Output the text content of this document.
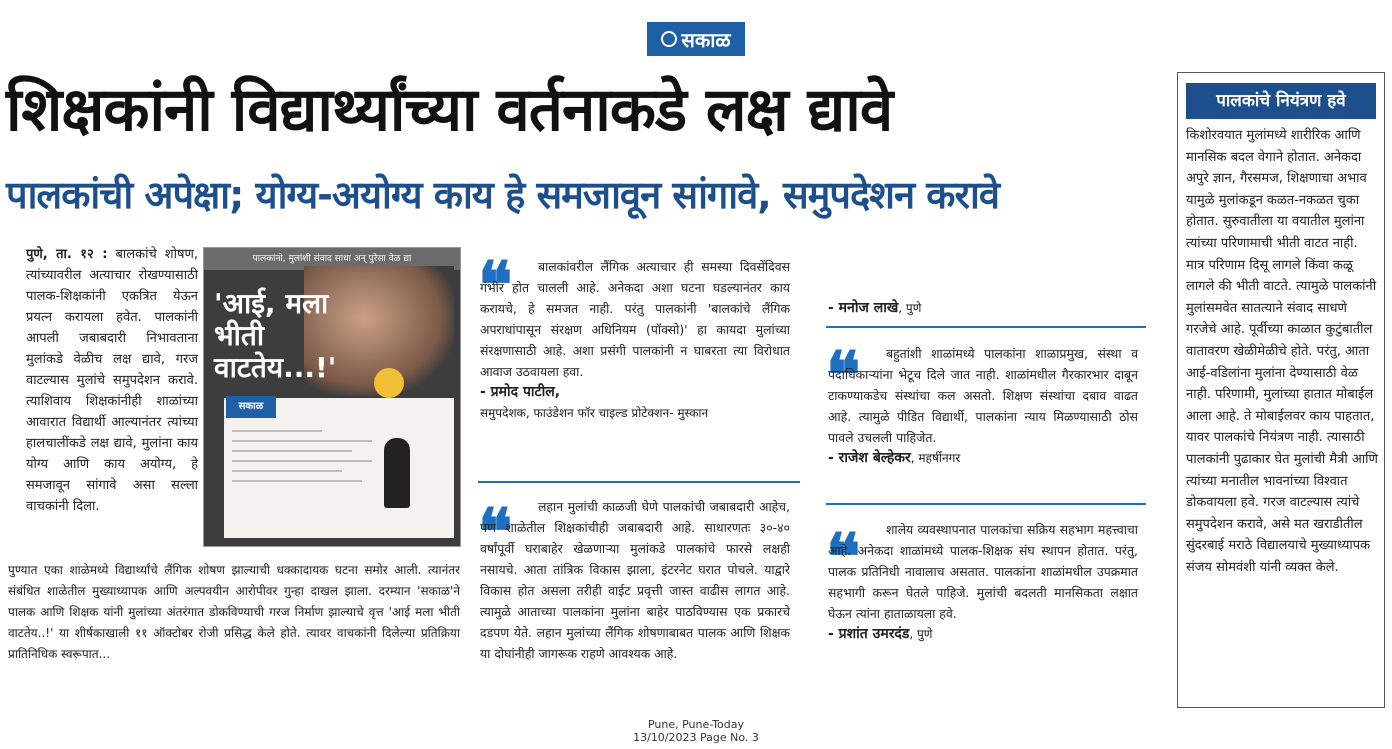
सकाळ
शिक्षकांनी विद्यार्थ्यांच्या वर्तनाकडे लक्ष द्यावे
पालकांची अपेक्षा; योग्य-अयोग्य काय हे समजावून सांगावे, समुपदेशन करावे

पुणे, ता. १२ : बालकांचे शोषण, त्यांच्यावरील अत्याचार रोखण्यासाठी पालक-शिक्षकांनी एकत्रित येऊन प्रयत्न करायला हवेत. पालकांनी आपली जबाबदारी निभावताना मुलांकडे वेळीच लक्ष द्यावे, गरज वाटल्यास मुलांचे समुपदेशन करावे. त्याशिवाय शिक्षकांनीही शाळांच्या आवारात विद्यार्थी आल्यानंतर त्यांच्या हालचालींकडे लक्ष द्यावे, मुलांना काय योग्य आणि काय अयोग्य, हे समजावून सांगावे असा सल्ला वाचकांनी दिला.

पालकांनो, मुलांशी संवाद साधा अन् पुरेसा वेळ द्या
'आई, मला भीती वाटतेय...!'
सकाळ

पुण्यात एका शाळेमध्ये विद्यार्थ्यांचे लैंगिक शोषण झाल्याची धक्कादायक घटना समोर आली. त्यानंतर संबंधित शाळेतील मुख्याध्यापक आणि अल्पवयीन आरोपीवर गुन्हा दाखल झाला. दरम्यान 'सकाळ'ने पालक आणि शिक्षक यांनी मुलांच्या अंतरंगात डोकविण्याची गरज निर्माण झाल्याचे वृत्त 'आई मला भीती वाटतेय..!' या शीर्षकाखाली ११ ऑक्टोबर रोजी प्रसिद्ध केले होते. त्यावर वाचकांनी दिलेल्या प्रतिक्रिया प्रातिनिधिक स्वरूपात...

❝	बालकांवरील लैंगिक अत्याचार ही समस्या दिवसेंदिवस गंभीर होत चालली आहे. अनेकदा अशा घटना घडल्यानंतर काय करायचे, हे समजत नाही. परंतु पालकांनी 'बालकांचे लैंगिक अपराधांपासून संरक्षण अधिनियम (पॉक्सो)' हा कायदा मुलांच्या संरक्षणासाठी आहे. अशा प्रसंगी पालकांनी न घाबरता त्या विरोधात आवाज उठवायला हवा.

- प्रमोद पाटील,
समुपदेशक, फाउंडेशन फॉर चाइल्ड प्रोटेक्शन- मुस्कान
❝	लहान मुलांची काळजी घेणे पालकांची जबाबदारी आहेच, पण शाळेतील शिक्षकांचीही जबाबदारी आहे. साधारणतः ३०-४० वर्षांपूर्वी घराबाहेर खेळणाऱ्या मुलांकडे पालकांचे फारसे लक्षही नसायचे. आता तांत्रिक विकास झाला, इंटरनेट घरात पोचले. याद्वारे विकास होत असला तरीही वाईट प्रवृत्ती जास्त वाढीस लागत आहे. त्यामुळे आताच्या पालकांना मुलांना बाहेर पाठविण्यास एक प्रकारचे दडपण येते. लहान मुलांच्या लैंगिक शोषणाबाबत पालक आणि शिक्षक या दोघांनीही जागरूक राहणे आवश्यक आहे.

- मनोज लाखे, पुणे
❝	बहुतांशी शाळांमध्ये पालकांना शाळाप्रमुख, संस्था व पदाधिकाऱ्यांना भेटूच दिले जात नाही. शाळांमधील गैरकारभार दाबून टाकण्याकडेच संस्थांचा कल असतो. शिक्षण संस्थांचा दबाव वाढत आहे. त्यामुळे पीडित विद्यार्थी, पालकांना न्याय मिळण्यासाठी ठोस पावले उचलली पाहिजेत.

- राजेश बेल्हेकर, महर्षीनगर
❝	शालेय व्यवस्थापनात पालकांचा सक्रिय सहभाग महत्त्वाचा आहे. अनेकदा शाळांमध्ये पालक-शिक्षक संघ स्थापन होतात. परंतु, पालक प्रतिनिधी नावालाच असतात. पालकांना शाळांमधील उपक्रमात सहभागी करून घेतले पाहिजे. मुलांची बदलती मानसिकता लक्षात घेऊन त्यांना हाताळायला हवे.

- प्रशांत उमरदंड, पुणे
पालकांचे नियंत्रण हवे
किशोरवयात मुलांमध्ये शारीरिक आणि मानसिक बदल वेगाने होतात. अनेकदा अपुरे ज्ञान, गैरसमज, शिक्षणाचा अभाव यामुळे मुलांकडून कळत-नकळत चुका होतात. सुरुवातीला या वयातील मुलांना त्यांच्या परिणामाची भीती वाटत नाही. मात्र परिणाम दिसू लागले किंवा कळू लागले की भीती वाटते. त्यामुळे पालकांनी मुलांसमवेत सातत्याने संवाद साधणे गरजेचे आहे. पूर्वीच्या काळात कुटुंबातील वातावरण खेळीमेळीचे होते. परंतु, आता आई-वडिलांना मुलांना देण्यासाठी वेळ नाही. परिणामी, मुलांच्या हातात मोबाईल आला आहे. ते मोबाईलवर काय पाहतात, यावर पालकांचे नियंत्रण नाही. त्यासाठी पालकांनी पुढाकार घेत मुलांची मैत्री आणि त्यांच्या मनातील भावनांच्या विश्वात डोकवायला हवे. गरज वाटल्यास त्यांचे समुपदेशन करावे, असे मत खराडीतील सुंदरबाई मराठे विद्यालयाचे मुख्याध्यापक संजय सोमवंशी यांनी व्यक्त केले.
Pune, Pune-Today
13/10/2023 Page No. 3
